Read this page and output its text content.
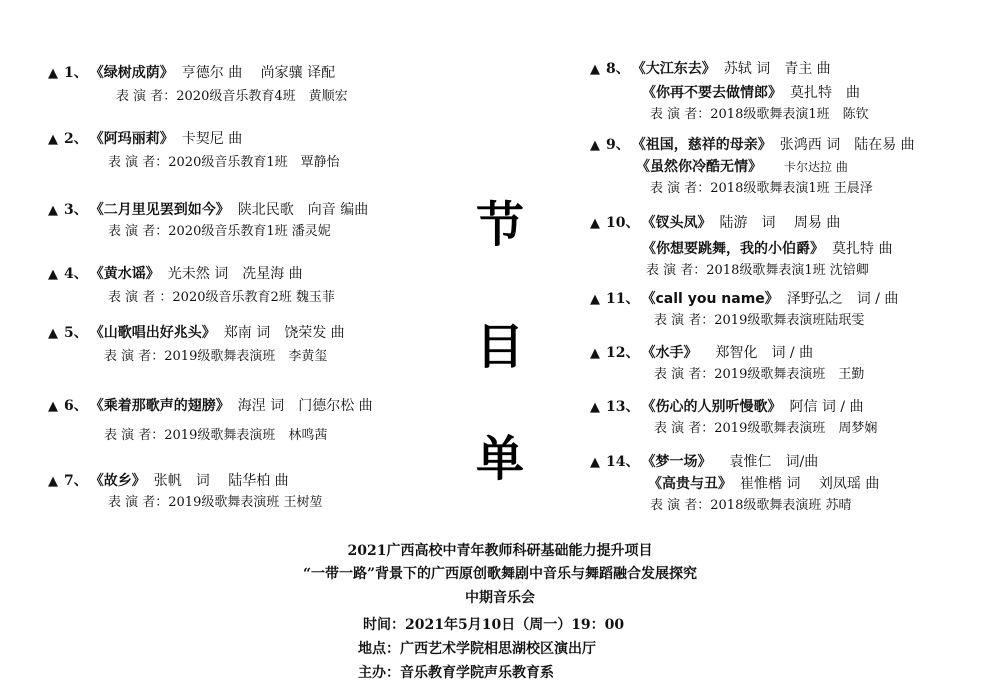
▲ 1、 《绿树成荫》 亨德尔 曲　 尚家骧 译配
表 演 者：2020级音乐教育4班　黄顺宏
▲ 2、 《阿玛丽莉》 卡契尼 曲
表 演 者：2020级音乐教育1班　覃静怡
▲ 3、 《二月里见罢到如今》 陕北民歌　向音 编曲
表 演 者：2020级音乐教育1班 潘灵妮
▲ 4、 《黄水谣》 光未然 词　冼星海 曲
表 演 者 ：2020级音乐教育2班 魏玉菲
▲ 5、 《山歌唱出好兆头》 郑南 词　饶荣发 曲
表 演 者：2019级歌舞表演班　李黄玺
▲ 6、 《乘着那歌声的翅膀》 海涅 词　门德尔松 曲
表 演 者：2019级歌舞表演班　林鸣茜
▲ 7、 《故乡》 张帆　词　 陆华柏 曲
表 演 者：2019级歌舞表演班 王树堃
节
目
单
▲ 8、 《大江东去》 苏轼 词　青主 曲
《你再不要去做情郎》 莫扎特　曲
表 演 者：2018级歌舞表演1班　陈钦
▲ 9、 《祖国，慈祥的母亲》 张鸿西 词　陆在易 曲
《虽然你冷酷无情》 卡尔达拉 曲
表 演 者：2018级歌舞表演1班 王晨泽
▲ 10、 《钗头凤》 陆游　词　 周易 曲
《你想要跳舞，我的小伯爵》 莫扎特 曲
表 演 者：2018级歌舞表演1班 沈锫卿
▲ 11、 《call you name》 泽野弘之　词 / 曲
表 演 者：2019级歌舞表演班陆珉雯
▲ 12、 《水手》 郑智化　词 / 曲
表 演 者：2019级歌舞表演班　王勤
▲ 13、 《伤心的人别听慢歌》 阿信 词 / 曲
表 演 者：2019级歌舞表演班　周梦娴
▲ 14、 《梦一场》 袁惟仁　词/曲
《高贵与丑》 崔惟楷 词　 刘凤瑶 曲
表 演 者：2018级歌舞表演班 苏晴
2021广西高校中青年教师科研基础能力提升项目
“一带一路”背景下的广西原创歌舞剧中音乐与舞蹈融合发展探究
中期音乐会
时间：2021年5月10日（周一）19：00
地点：广西艺术学院相思湖校区演出厅
主办：音乐教育学院声乐教育系
